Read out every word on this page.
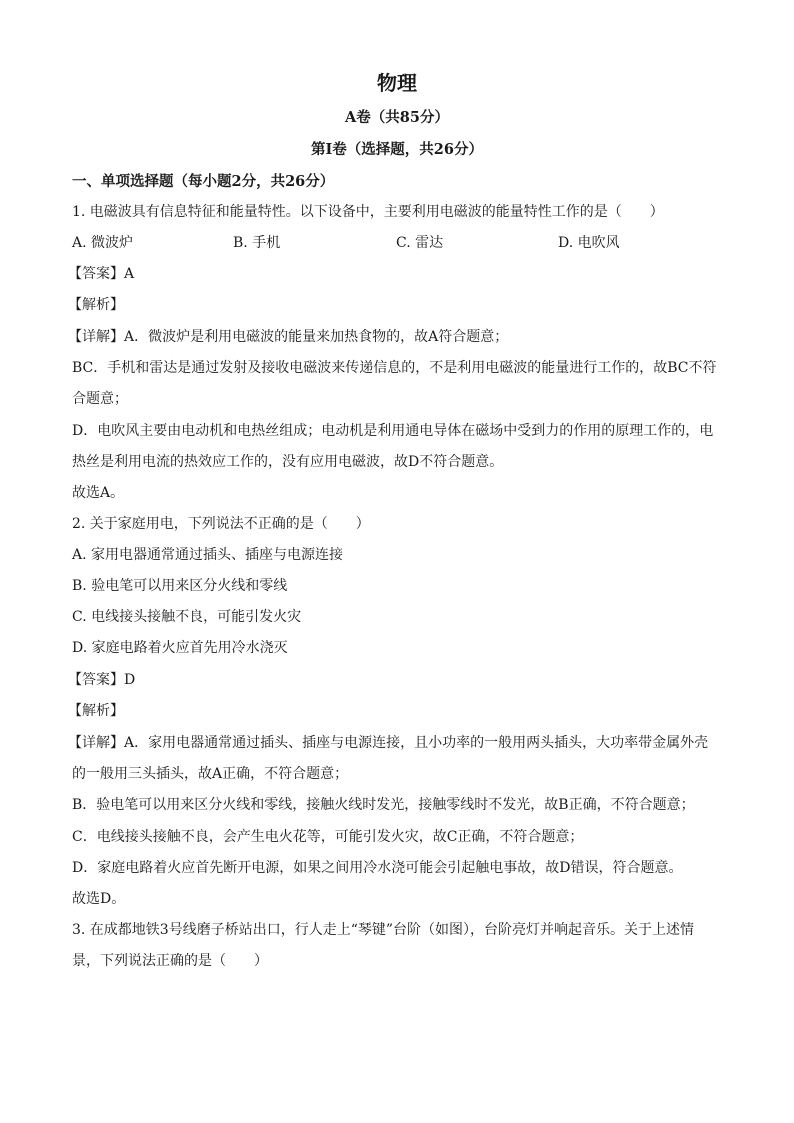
物理
A卷（共85分）
第I卷（选择题，共26分）
一、单项选择题（每小题2分，共26分）
1. 电磁波具有信息特征和能量特性。以下设备中，主要利用电磁波的能量特性工作的是（　　）
A. 微波炉	B. 手机	C. 雷达	D. 电吹风
【答案】A
【解析】
【详解】A．微波炉是利用电磁波的能量来加热食物的，故A符合题意；
BC．手机和雷达是通过发射及接收电磁波来传递信息的，不是利用电磁波的能量进行工作的，故BC不符
合题意；
D．电吹风主要由电动机和电热丝组成；电动机是利用通电导体在磁场中受到力的作用的原理工作的，电
热丝是利用电流的热效应工作的，没有应用电磁波，故D不符合题意。
故选A。
2. 关于家庭用电，下列说法不正确的是（　　）
A. 家用电器通常通过插头、插座与电源连接
B. 验电笔可以用来区分火线和零线
C. 电线接头接触不良，可能引发火灾
D. 家庭电路着火应首先用冷水浇灭
【答案】D
【解析】
【详解】A．家用电器通常通过插头、插座与电源连接，且小功率的一般用两头插头，大功率带金属外壳
的一般用三头插头，故A正确，不符合题意；
B．验电笔可以用来区分火线和零线，接触火线时发光，接触零线时不发光，故B正确，不符合题意；
C．电线接头接触不良，会产生电火花等，可能引发火灾，故C正确，不符合题意；
D．家庭电路着火应首先断开电源，如果之间用冷水浇可能会引起触电事故，故D错误，符合题意。
故选D。
3. 在成都地铁3号线磨子桥站出口，行人走上“琴键”台阶（如图），台阶亮灯并响起音乐。关于上述情
景，下列说法正确的是（　　）
